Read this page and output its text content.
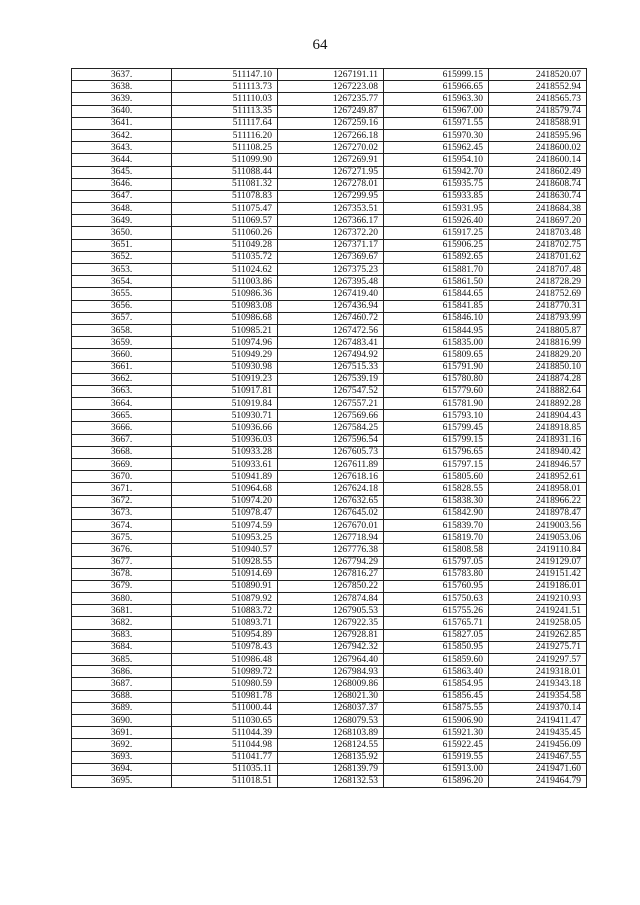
64
3637.	511147.10	1267191.11	615999.15	2418520.07
3638.	511113.73	1267223.08	615966.65	2418552.94
3639.	511110.03	1267235.77	615963.30	2418565.73
3640.	511113.35	1267249.87	615967.00	2418579.74
3641.	511117.64	1267259.16	615971.55	2418588.91
3642.	511116.20	1267266.18	615970.30	2418595.96
3643.	511108.25	1267270.02	615962.45	2418600.02
3644.	511099.90	1267269.91	615954.10	2418600.14
3645.	511088.44	1267271.95	615942.70	2418602.49
3646.	511081.32	1267278.01	615935.75	2418608.74
3647.	511078.83	1267299.95	615933.85	2418630.74
3648.	511075.47	1267353.51	615931.95	2418684.38
3649.	511069.57	1267366.17	615926.40	2418697.20
3650.	511060.26	1267372.20	615917.25	2418703.48
3651.	511049.28	1267371.17	615906.25	2418702.75
3652.	511035.72	1267369.67	615892.65	2418701.62
3653.	511024.62	1267375.23	615881.70	2418707.48
3654.	511003.86	1267395.48	615861.50	2418728.29
3655.	510986.36	1267419.40	615844.65	2418752.69
3656.	510983.08	1267436.94	615841.85	2418770.31
3657.	510986.68	1267460.72	615846.10	2418793.99
3658.	510985.21	1267472.56	615844.95	2418805.87
3659.	510974.96	1267483.41	615835.00	2418816.99
3660.	510949.29	1267494.92	615809.65	2418829.20
3661.	510930.98	1267515.33	615791.90	2418850.10
3662.	510919.23	1267539.19	615780.80	2418874.28
3663.	510917.81	1267547.52	615779.60	2418882.64
3664.	510919.84	1267557.21	615781.90	2418892.28
3665.	510930.71	1267569.66	615793.10	2418904.43
3666.	510936.66	1267584.25	615799.45	2418918.85
3667.	510936.03	1267596.54	615799.15	2418931.16
3668.	510933.28	1267605.73	615796.65	2418940.42
3669.	510933.61	1267611.89	615797.15	2418946.57
3670.	510941.89	1267618.16	615805.60	2418952.61
3671.	510964.68	1267624.18	615828.55	2418958.01
3672.	510974.20	1267632.65	615838.30	2418966.22
3673.	510978.47	1267645.02	615842.90	2418978.47
3674.	510974.59	1267670.01	615839.70	2419003.56
3675.	510953.25	1267718.94	615819.70	2419053.06
3676.	510940.57	1267776.38	615808.58	2419110.84
3677.	510928.55	1267794.29	615797.05	2419129.07
3678.	510914.69	1267816.27	615783.80	2419151.42
3679.	510890.91	1267850.22	615760.95	2419186.01
3680.	510879.92	1267874.84	615750.63	2419210.93
3681.	510883.72	1267905.53	615755.26	2419241.51
3682.	510893.71	1267922.35	615765.71	2419258.05
3683.	510954.89	1267928.81	615827.05	2419262.85
3684.	510978.43	1267942.32	615850.95	2419275.71
3685.	510986.48	1267964.40	615859.60	2419297.57
3686.	510989.72	1267984.93	615863.40	2419318.01
3687.	510980.59	1268009.86	615854.95	2419343.18
3688.	510981.78	1268021.30	615856.45	2419354.58
3689.	511000.44	1268037.37	615875.55	2419370.14
3690.	511030.65	1268079.53	615906.90	2419411.47
3691.	511044.39	1268103.89	615921.30	2419435.45
3692.	511044.98	1268124.55	615922.45	2419456.09
3693.	511041.77	1268135.92	615919.55	2419467.55
3694.	511035.11	1268139.79	615913.00	2419471.60
3695.	511018.51	1268132.53	615896.20	2419464.79
